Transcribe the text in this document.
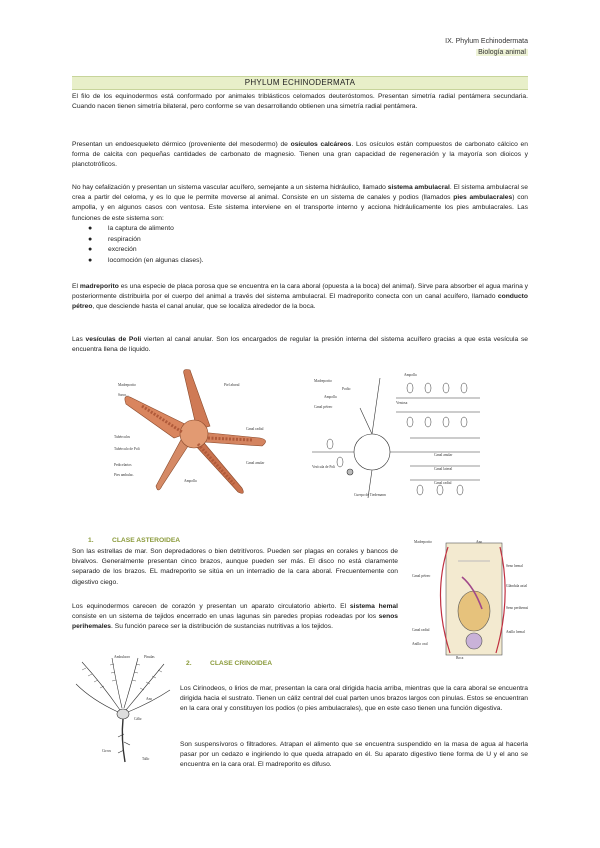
IX. Phylum Echinodermata
Biología animal
PHYLUM ECHINODERMATA
El filo de los equinodermos está conformado por animales triblásticos celomados deuteróstomos. Presentan simetría radial pentámera secundaria. Cuando nacen tienen simetría bilateral, pero conforme se van desarrollando obtienen una simetría radial pentámera.
Presentan un endoesqueleto dérmico (proveniente del mesodermo) de osículos calcáreos. Los osículos están compuestos de carbonato cálcico en forma de calcita con pequeñas cantidades de carbonato de magnesio. Tienen una gran capacidad de regeneración y la mayoría son dioicos y planctotróficos.
No hay cefalización y presentan un sistema vascular acuífero, semejante a un sistema hidráulico, llamado sistema ambulacral. El sistema ambulacral se crea a partir del celoma, y es lo que le permite moverse al animal. Consiste en un sistema de canales y podios (llamados pies ambulacrales) con ampolla, y en algunos casos con ventosa. Este sistema interviene en el transporte interno y acciona hidráulicamente los pies ambulacrales. Las funciones de este sistema son:
● la captura de alimento
● respiración
● excreción
● locomoción (en algunas clases).
El madreporito es una especie de placa porosa que se encuentra en la cara aboral (opuesta a la boca) del animal). Sirve para absorber el agua marina y posteriormente distribuirla por el cuerpo del animal a través del sistema ambulacral. El madreporito conecta con un canal acuífero, llamado conducto pétreo, que desciende hasta el canal anular, que se localiza alrededor de la boca.
Las vesículas de Poli vierten al canal anular. Son los encargados de regular la presión interna del sistema acuífero gracias a que esta vesícula se encuentra llena de líquido.
Madreporito	Piel aboral
Sarco...
Tubérculos
Tubérculo de Poli
Pedicelarios
Pies ambulac.
Canal radial
Canal anular
Ampolla
Ampolla
Madreporito
Podio
Ampolla
Ventosa
Canal pétreo
Canal anular
Canal lateral
Vesícula de Poli
Canal radial
Cuerpo de Tiedemann
1.	CLASE ASTEROIDEA
Son las estrellas de mar. Son depredadores o bien detritívoros. Pueden ser plagas en corales y bancos de bivalvos. Generalmente presentan cinco brazos, aunque pueden ser más. El disco no está claramente separado de los brazos. EL madreporito se sitúa en un interradio de la cara aboral. Frecuentemente con digestivo ciego.
Los equinodermos carecen de corazón y presentan un aparato circulatorio abierto. El sistema hemal consiste en un sistema de tejidos encerrado en unas lagunas sin paredes propias rodeadas por los senos perihemales. Su función parece ser la distribución de sustancias nutritivas a los tejidos.
Madreporito	Ano
Seno hemal
Canal pétreo
Glándula axial
Seno perihemal
Anillo hemal
Canal radial
Anillo oral
Boca
Ambulacro	Pínulas
Ano
Cáliz
Tallo
Cirros
2.	CLASE CRINOIDEA
Los Cirinodeos, o lirios de mar, presentan la cara oral dirigida hacia arriba, mientras que la cara aboral se encuentra dirigida hacia el sustrato. Tienen un cáliz central del cual parten unos brazos largos con pínulas. Estos se encuentran en la cara oral y constituyen los podios (o pies ambulacrales), que en este caso tienen una función digestiva.
Son suspensívoros o filtradores. Atrapan el alimento que se encuentra suspendido en la masa de agua al hacerla pasar por un cedazo e ingiriendo lo que queda atrapado en él. Su aparato digestivo tiene forma de U y el ano se encuentra en la cara oral. El madreporito es difuso.
